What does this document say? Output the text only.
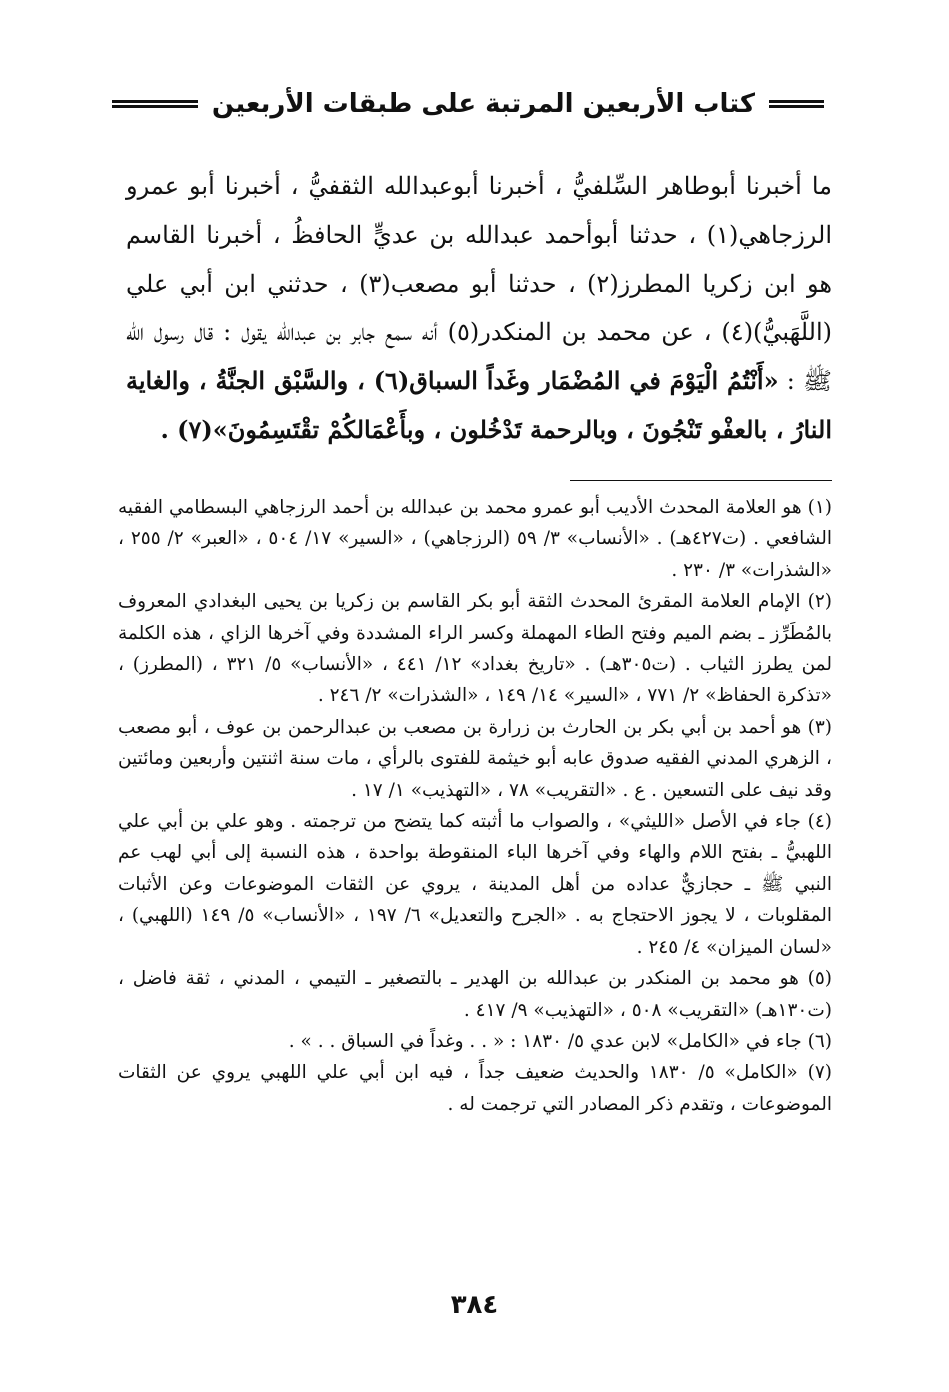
كتاب الأربعين المرتبة على طبقات الأربعين

ما أخبرنا أبوطاهر السِّلفيُّ ، أخبرنا أبوعبدالله الثقفيُّ ، أخبرنا أبو عمرو الرزجاهي(١) ، حدثنا أبوأحمد عبدالله بن عديٍّ الحافظُ ، أخبرنا القاسم هو ابن زكريا المطرز(٢) ، حدثنا أبو مصعب(٣) ، حدثني ابن أبي علي (اللَّهَبيُّ)(٤) ، عن محمد بن المنكدر(٥) أنه سمع جابر بن عبدالله يقول : قال رسول الله ﷺ : «أَنْتُمُ الْيَوْمَ في المُضْمَار وغَداً السباق(٦) ، والسَّبْق الجنَّةُ ، والغاية النارُ ، بالعفْو تَنْجُونَ ، وبالرحمة تَدْخُلون ، وبأَعْمَالكُمْ تقْتَسِمُونَ»(٧) .

(١) هو العلامة المحدث الأديب أبو عمرو محمد بن عبدالله بن أحمد الرزجاهي البسطامي الفقيه الشافعي . (ت٤٢٧هـ) . «الأنساب» ٣/ ٥٩ (الرزجاهي) ، «السير» ١٧/ ٥٠٤ ، «العبر» ٢/ ٢٥٥ ، «الشذرات» ٣/ ٢٣٠ .
(٢) الإمام العلامة المقرئ المحدث الثقة أبو بكر القاسم بن زكريا بن يحيى البغدادي المعروف بالمُطَرِّز ـ بضم الميم وفتح الطاء المهملة وكسر الراء المشددة وفي آخرها الزاي ، هذه الكلمة لمن يطرز الثياب . (ت٣٠٥هـ) . «تاريخ بغداد» ١٢/ ٤٤١ ، «الأنساب» ٥/ ٣٢١ ، (المطرز) ، «تذكرة الحفاظ» ٢/ ٧٧١ ، «السير» ١٤/ ١٤٩ ، «الشذرات» ٢/ ٢٤٦ .
(٣) هو أحمد بن أبي بكر بن الحارث بن زرارة بن مصعب بن عبدالرحمن بن عوف ، أبو مصعب ، الزهري المدني الفقيه صدوق عابه أبو خيثمة للفتوى بالرأي ، مات سنة اثنتين وأربعين ومائتين وقد نيف على التسعين . ع . «التقريب» ٧٨ ، «التهذيب» ١/ ١٧ .
(٤) جاء في الأصل «الليثي» ، والصواب ما أثبته كما يتضح من ترجمته . وهو علي بن أبي علي اللهبيُّ ـ بفتح اللام والهاء وفي آخرها الباء المنقوطة بواحدة ، هذه النسبة إلى أبي لهب عم النبي ﷺ ـ حجازيٌّ عداده من أهل المدينة ، يروي عن الثقات الموضوعات وعن الأثبات المقلوبات ، لا يجوز الاحتجاج به . «الجرح والتعديل» ٦/ ١٩٧ ، «الأنساب» ٥/ ١٤٩ (اللهبي) ، «لسان الميزان» ٤/ ٢٤٥ .
(٥) هو محمد بن المنكدر بن عبدالله بن الهدير ـ بالتصغير ـ التيمي ، المدني ، ثقة فاضل ، (ت١٣٠هـ) «التقريب» ٥٠٨ ، «التهذيب» ٩/ ٤١٧ .
(٦) جاء في «الكامل» لابن عدي ٥/ ١٨٣٠ : « . . وغداً في السباق . . » .
(٧) «الكامل» ٥/ ١٨٣٠ والحديث ضعيف جداً ، فيه ابن أبي علي اللهبي يروي عن الثقات الموضوعات ، وتقدم ذكر المصادر التي ترجمت له .
٣٨٤
